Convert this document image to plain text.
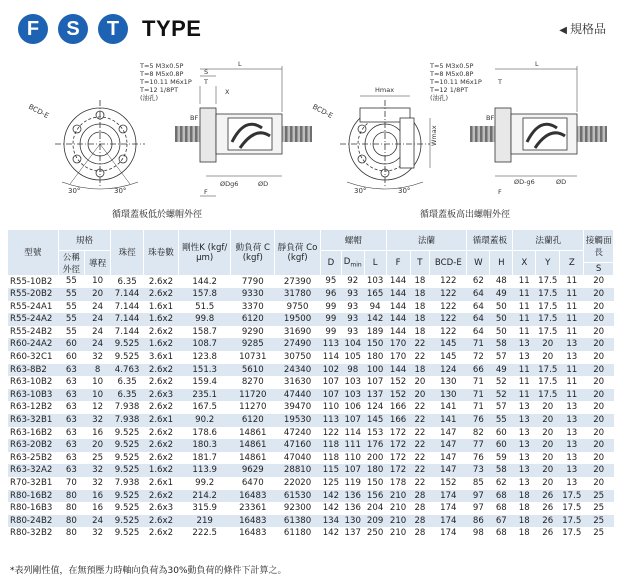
F	S	T	TYPE	◀ 規格品
BCD-E
30°	30°
T=5 M3x0.5P
T=8 M5x0.8P
T=10.11 M6x1P
T=12 1/8PT
(油孔)
L
S
T
X
BF
F
ØDg6	ØD
循環蓋板低於螺帽外徑
Hmax
Wmax
BCD-E
30°	30°
T=5 M3x0.5P
T=8 M5x0.8P
T=10.11 M6x1P
T=12 1/8PT
(油孔)
L
T
BF
F
ØD-g6	ØD
循環蓋板高出螺帽外徑
型號	規格		珠徑	珠卷數	剛性K (kgf/μm)	動負荷 C (kgf)	靜負荷 Co (kgf)	螺帽			法蘭			循環蓋板		法蘭孔			接觸面長
	公稱外徑	導程						D	$D_{min}$	L	F	T	BCD-E	W	H	X	Y	Z	
																			S
R55-10B2	55	10	6.35	2.6x2	144.2	7790	27390	95	92	103	144	18	122	62	48	11	17.5	11	20
R55-20B2	55	20	7.144	2.6x2	157.8	9330	31780	96	93	165	144	18	122	64	49	11	17.5	11	20
R55-24A1	55	24	7.144	1.6x1	51.5	3370	9750	99	93	94	144	18	122	64	50	11	17.5	11	20
R55-24A2	55	24	7.144	1.6x2	99.8	6120	19500	99	93	142	144	18	122	64	50	11	17.5	11	20
R55-24B2	55	24	7.144	2.6x2	158.7	9290	31690	99	93	189	144	18	122	64	50	11	17.5	11	20
R60-24A2	60	24	9.525	1.6x2	108.7	9285	27490	113	104	150	170	22	145	71	58	13	20	13	20
R60-32C1	60	32	9.525	3.6x1	123.8	10731	30750	114	105	180	170	22	145	72	57	13	20	13	20
R63-8B2	63	8	4.763	2.6x2	151.3	5610	24340	102	98	100	144	18	124	66	49	11	17.5	11	20
R63-10B2	63	10	6.35	2.6x2	159.4	8270	31630	107	103	107	152	20	130	71	52	11	17.5	11	20
R63-10B3	63	10	6.35	2.6x3	235.1	11720	47440	107	103	137	152	20	130	71	52	11	17.5	11	20
R63-12B2	63	12	7.938	2.6x2	167.5	11270	39470	110	106	124	166	22	141	71	57	13	20	13	20
R63-32B1	63	32	7.938	2.6x1	90.2	6120	19530	113	107	145	166	22	141	76	55	13	20	13	20
R63-16B2	63	16	9.525	2.6x2	178.6	14861	47240	122	114	153	172	22	147	82	60	13	20	13	20
R63-20B2	63	20	9.525	2.6x2	180.3	14861	47160	118	111	176	172	22	147	77	60	13	20	13	20
R63-25B2	63	25	9.525	2.6x2	181.7	14861	47040	118	110	200	172	22	147	76	59	13	20	13	20
R63-32A2	63	32	9.525	1.6x2	113.9	9629	28810	115	107	180	172	22	147	73	58	13	20	13	20
R70-32B1	70	32	7.938	2.6x1	99.2	6470	22020	125	119	150	178	22	152	85	62	13	20	13	20
R80-16B2	80	16	9.525	2.6x2	214.2	16483	61530	142	136	156	210	28	174	97	68	18	26	17.5	25
R80-16B3	80	16	9.525	2.6x3	315.9	23361	92300	142	136	204	210	28	174	97	68	18	26	17.5	25
R80-24B2	80	24	9.525	2.6x2	219	16483	61380	134	130	209	210	28	174	86	67	18	26	17.5	25
R80-32B2	80	32	9.525	2.6x2	222.5	16483	61180	142	137	250	210	28	174	98	68	18	26	17.5	25
*表列剛性值，在無預壓力時軸向負荷為30%動負荷的條件下計算之。
